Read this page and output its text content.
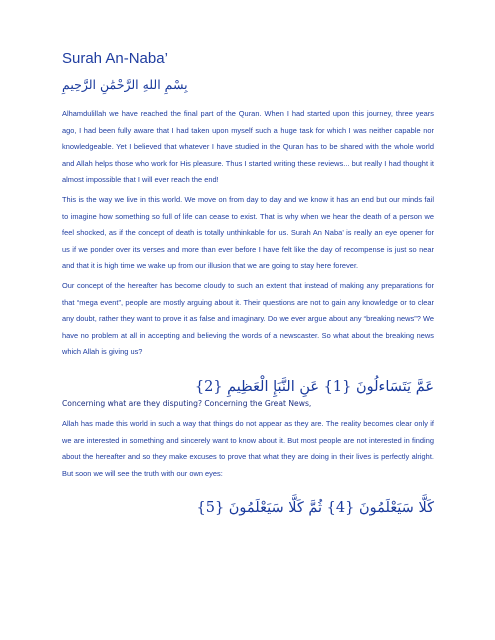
Surah An-Naba’
بِسْمِ اللهِ الرَّحْمَٰنِ الرَّحِيمِ

Alhamdulillah we have reached the final part of the Quran. When I had started upon this journey, three years ago, I had been fully aware that I had taken upon myself such a huge task for which I was neither capable nor knowledgeable. Yet I believed that whatever I have studied in the Quran has to be shared with the whole world and Allah helps those who work for His pleasure. Thus I started writing these reviews... but really I had thought it almost impossible that I will ever reach the end!

This is the way we live in this world. We move on from day to day and we know it has an end but our minds fail to imagine how something so full of life can cease to exist. That is why when we hear the death of a person we feel shocked, as if the concept of death is totally unthinkable for us. Surah An Naba’ is really an eye opener for us if we ponder over its verses and more than ever before I have felt like the day of recompense is just so near and that it is high time we wake up from our illusion that we are going to stay here forever.

Our concept of the hereafter has become cloudy to such an extent that instead of making any preparations for that “mega event”, people are mostly arguing about it. Their questions are not to gain any knowledge or to clear any doubt, rather they want to prove it as false and imaginary. Do we ever argue about any “breaking news”? We have no problem at all in accepting and believing the words of a newscaster. So what about the breaking news which Allah is giving us?

عَمَّ يَتَسَاءلُونَ {1} عَنِ النَّبَإِ الْعَظِيمِ {2}
Concerning what are they disputing? Concerning the Great News,

Allah has made this world in such a way that things do not appear as they are. The reality becomes clear only if we are interested in something and sincerely want to know about it. But most people are not interested in finding about the hereafter and so they make excuses to prove that what they are doing in their lives is perfectly alright. But soon we will see the truth with our own eyes:

كَلَّا سَيَعْلَمُونَ {4} ثُمَّ كَلَّا سَيَعْلَمُونَ {5}
